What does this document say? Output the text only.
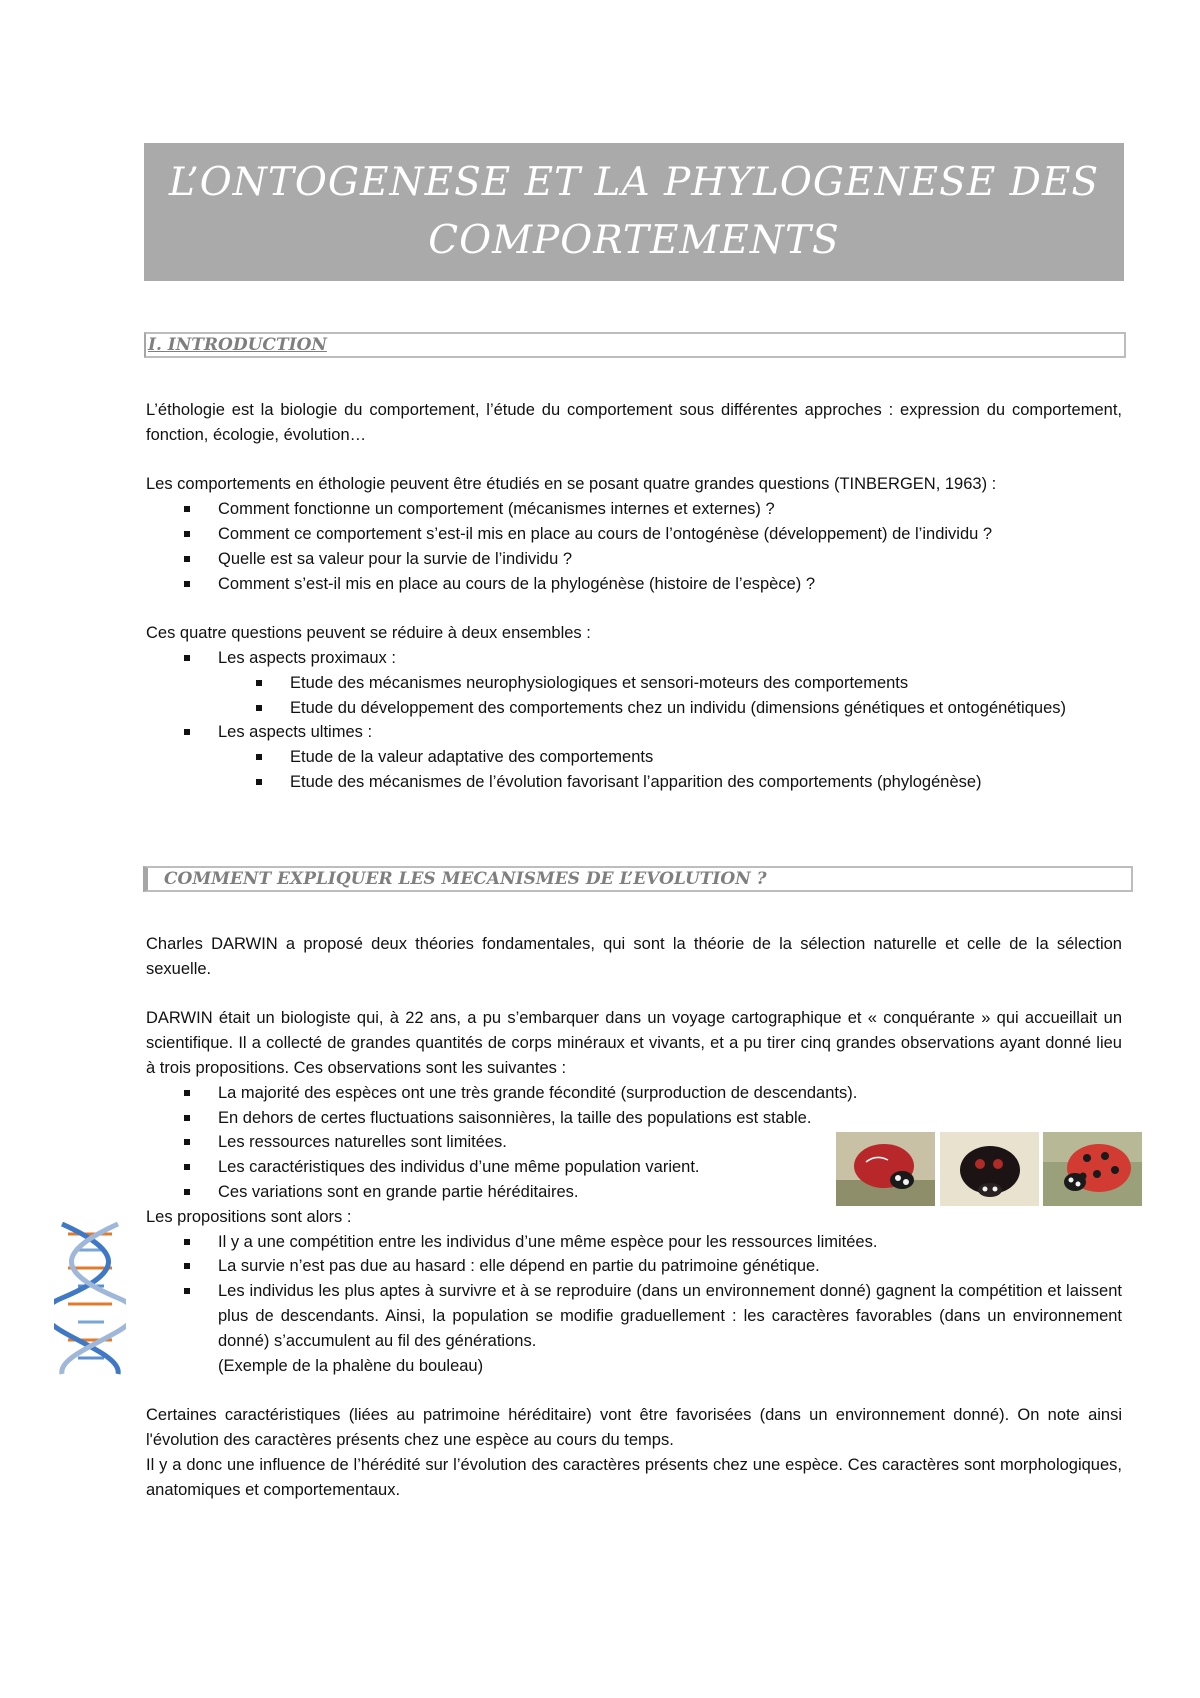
L’ONTOGENESE ET LA PHYLOGENESE DES
COMPORTEMENTS
I. INTRODUCTION

L’éthologie est la biologie du comportement, l’étude du comportement sous différentes approches : expression du comportement, fonction, écologie, évolution…

Les comportements en éthologie peuvent être étudiés en se posant quatre grandes questions (TINBERGEN, 1963) :

Comment fonctionne un comportement (mécanismes internes et externes) ?
Comment ce comportement s’est-il mis en place au cours de l’ontogénèse (développement) de l’individu ?
Quelle est sa valeur pour la survie de l’individu ?
Comment s’est-il mis en place au cours de la phylogénèse (histoire de l’espèce) ?

Ces quatre questions peuvent se réduire à deux ensembles :

Les aspects proximaux :
Etude des mécanismes neurophysiologiques et sensori-moteurs des comportements
Etude du développement des comportements chez un individu (dimensions génétiques et ontogénétiques)
Les aspects ultimes :
Etude de la valeur adaptative des comportements
Etude des mécanismes de l’évolution favorisant l’apparition des comportements (phylogénèse)
COMMENT EXPLIQUER LES MECANISMES DE L’EVOLUTION ?

Charles DARWIN a proposé deux théories fondamentales, qui sont la théorie de la sélection naturelle et celle de la sélection sexuelle.

DARWIN était un biologiste qui, à 22 ans, a pu s’embarquer dans un voyage cartographique et « conquérante » qui accueillait un scientifique. Il a collecté de grandes quantités de corps minéraux et vivants, et a pu tirer cinq grandes observations ayant donné lieu à trois propositions. Ces observations sont les suivantes :

La majorité des espèces ont une très grande fécondité (surproduction de descendants).
En dehors de certes fluctuations saisonnières, la taille des populations est stable.
Les ressources naturelles sont limitées.
Les caractéristiques des individus d’une même population varient.
Ces variations sont en grande partie héréditaires.

Les propositions sont alors :

Il y a une compétition entre les individus d’une même espèce pour les ressources limitées.
La survie n’est pas due au hasard : elle dépend en partie du patrimoine génétique.
Les individus les plus aptes à survivre et à se reproduire (dans un environnement donné) gagnent la compétition et laissent plus de descendants. Ainsi, la population se modifie graduellement : les caractères favorables (dans un environnement donné) s’accumulent au fil des générations.
(Exemple de la phalène du bouleau)

Certaines caractéristiques (liées au patrimoine héréditaire) vont être favorisées (dans un environnement donné). On note ainsi l'évolution des caractères présents chez une espèce au cours du temps.

Il y a donc une influence de l’hérédité sur l’évolution des caractères présents chez une espèce. Ces caractères sont morphologiques, anatomiques et comportementaux.
